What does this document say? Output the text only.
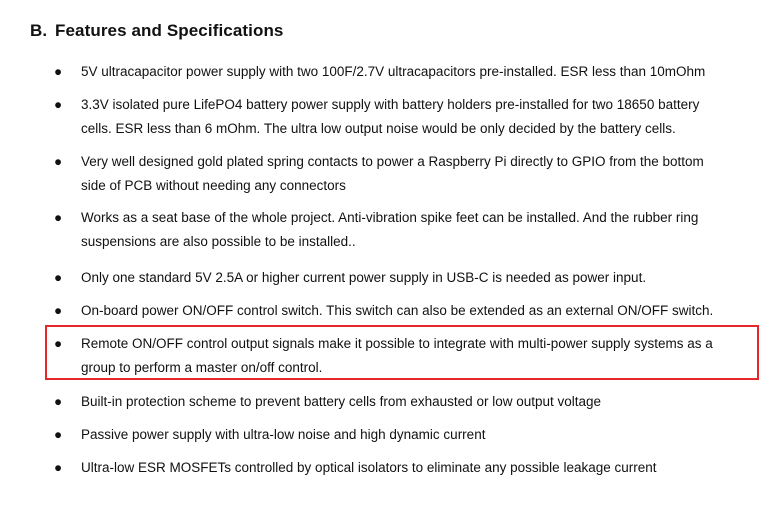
B. Features and Specifications
● 5V ultracapacitor power supply with two 100F/2.7V ultracapacitors pre-installed. ESR less than 10mOhm
● 3.3V isolated pure LifePO4 battery power supply with battery holders pre-installed for two 18650 battery
cells. ESR less than 6 mOhm. The ultra low output noise would be only decided by the battery cells.
● Very well designed gold plated spring contacts to power a Raspberry Pi directly to GPIO from the bottom
side of PCB without needing any connectors
● Works as a seat base of the whole project. Anti-vibration spike feet can be installed. And the rubber ring
suspensions are also possible to be installed..
● Only one standard 5V 2.5A or higher current power supply in USB-C is needed as power input.
● On-board power ON/OFF control switch. This switch can also be extended as an external ON/OFF switch.
● Remote ON/OFF control output signals make it possible to integrate with multi-power supply systems as a
group to perform a master on/off control.
● Built-in protection scheme to prevent battery cells from exhausted or low output voltage
● Passive power supply with ultra-low noise and high dynamic current
● Ultra-low ESR MOSFETs controlled by optical isolators to eliminate any possible leakage current
